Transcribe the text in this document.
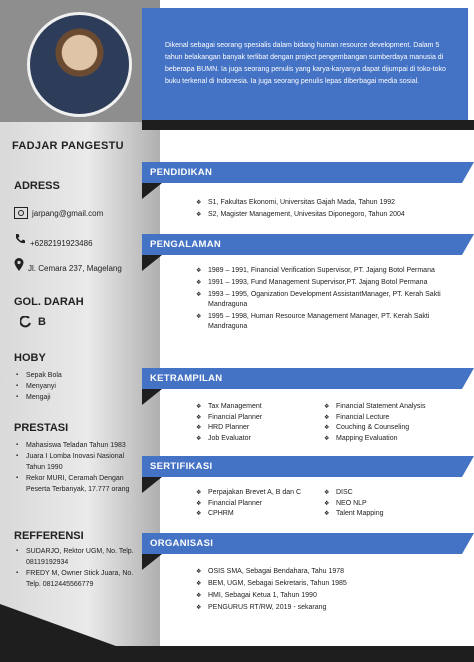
FADJAR PANGESTU
ADRESS
jarpang@gmail.com
+6282191923486
Jl. Cemara 237, Magelang
GOL. DARAH
B
HOBY
▪ Sepak Bola
▪ Menyanyi
▪ Mengaji
PRESTASI
▪ Mahasiswa Teladan Tahun 1983
▪ Juara I Lomba Inovasi Nasional Tahun 1990
▪ Rekor MURI, Ceramah Dengan Peserta Terbanyak, 17.777 orang
REFFERENSI
▪ SUDARJO, Rektor UGM, No. Telp. 08119192934
▪ FREDY M, Owner Stick Juara, No. Telp. 0812445566779
Dikenal sebagai seorang spesialis dalam bidang human resource development. Dalam 5 tahun belakangan banyak terlibat dengan project pengembangan sumberdaya manusia di beberapa BUMN. Ia juga seorang penulis yang karya-karyanya dapat dijumpai di toko-toko buku terkenal di Indonesia. Ia juga seorang penulis lepas diberbagai media sosial.
PENDIDIKAN
❖ S1, Fakultas Ekonomi, Universitas Gajah Mada, Tahun 1992
❖ S2, Magister Management, Univesitas Diponegoro, Tahun 2004
PENGALAMAN
❖ 1989 – 1991, Financial Verification Supervisor, PT. Jajang Botol Permana
❖ 1991 – 1993, Fund Management Supervisor,PT. Jajang Botol Permana
❖ 1993 – 1995, Oganization Development AssistantManager, PT. Kerah Sakti Mandraguna
❖ 1995 – 1998, Human Resource Management Manager, PT. Kerah Sakti Mandraguna
KETRAMPILAN
❖ Tax Management	❖ Financial Statement Analysis
❖ Financial Planner	❖ Financial Lecture
❖ HRD Planner	❖ Couching & Counseling
❖ Job Evaluator	❖ Mapping Evaluation
SERTIFIKASI
❖ Perpajakan Brevet A, B dan C	❖ DISC
❖ Financial Planner	❖ NEO NLP
❖ CPHRM	❖ Talent Mapping
ORGANISASI
❖ OSIS SMA, Sebagai Bendahara, Tahu 1978
❖ BEM, UGM, Sebagai Sekretaris, Tahun 1985
❖ HMI, Sebagai Ketua 1, Tahun 1990
❖ PENGURUS RT/RW, 2019 - sekarang
